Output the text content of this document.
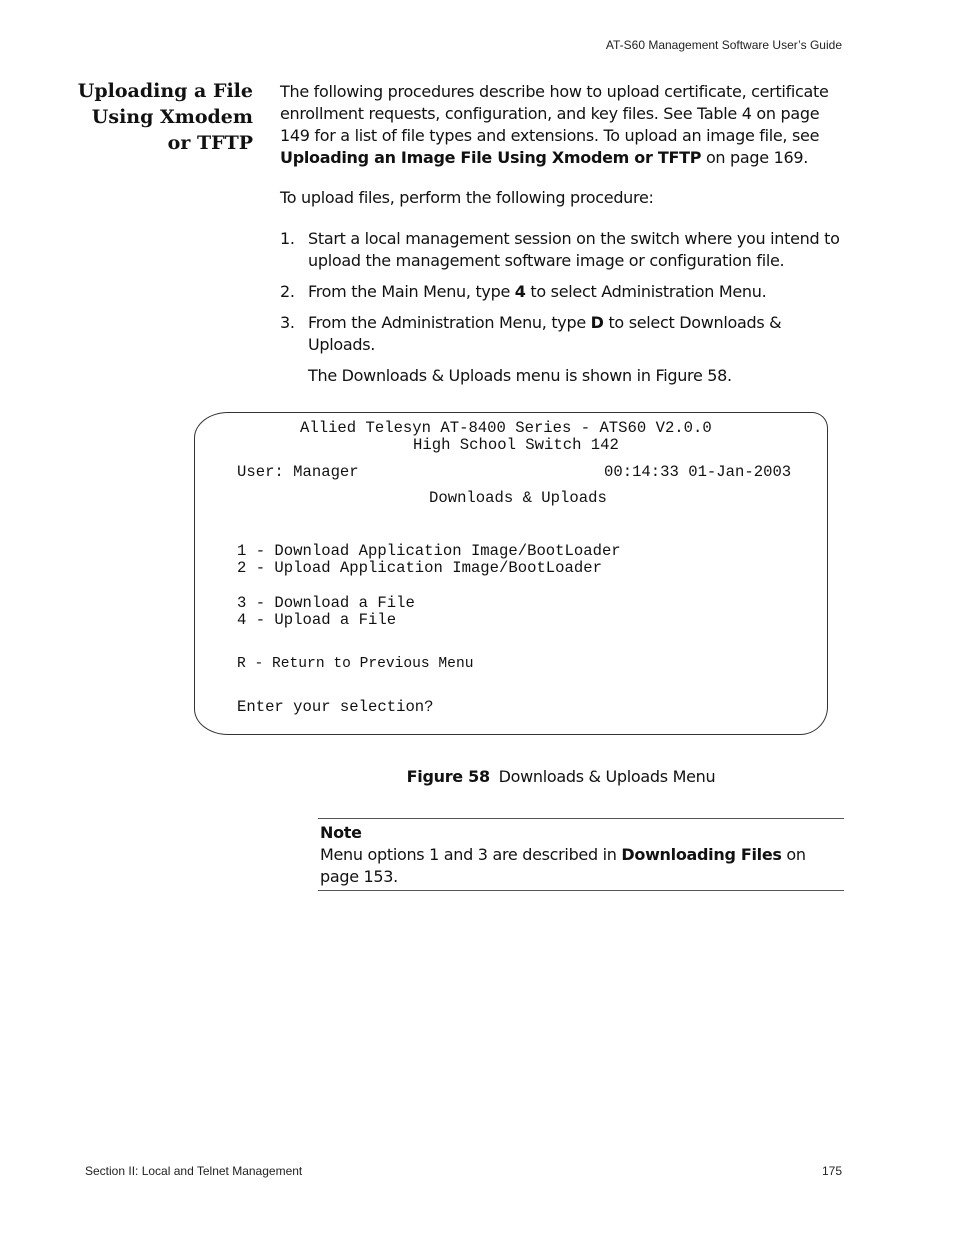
AT-S60 Management Software User’s Guide
Uploading a File
Using Xmodem
or TFTP
The following procedures describe how to upload certificate, certificate enrollment requests, configuration, and key files. See Table 4 on page 149 for a list of file types and extensions. To upload an image file, see Uploading an Image File Using Xmodem or TFTP on page 169.
To upload files, perform the following procedure:
1. Start a local management session on the switch where you intend to upload the management software image or configuration file.
2. From the Main Menu, type 4 to select Administration Menu.
3. From the Administration Menu, type D to select Downloads & Uploads.
The Downloads & Uploads menu is shown in Figure 58.
Allied Telesyn AT-8400 Series - ATS60 V2.0.0
High School Switch 142
User: Manager	00:14:33 01-Jan-2003
Downloads & Uploads
1 - Download Application Image/BootLoader
2 - Upload Application Image/BootLoader
3 - Download a File
4 - Upload a File
R - Return to Previous Menu
Enter your selection?
Figure 58 Downloads & Uploads Menu
Note
Menu options 1 and 3 are described in Downloading Files on page 153.
Section II: Local and Telnet Management	175
